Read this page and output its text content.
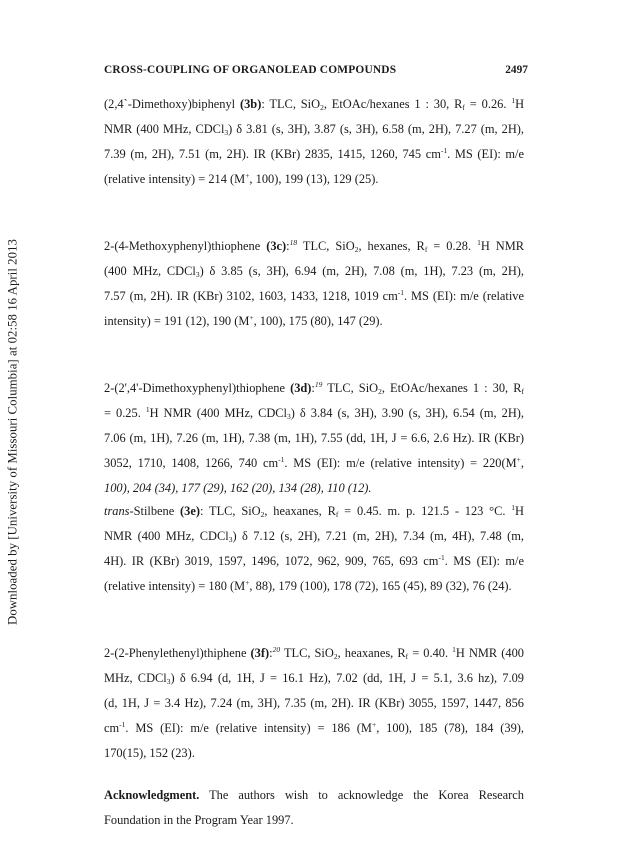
Downloaded by [University of Missouri Columbia] at 02:58 16 April 2013
CROSS-COUPLING OF ORGANOLEAD COMPOUNDS	2497
(2,4`-Dimethoxy)biphenyl (3b): TLC, SiO$_2$, EtOAc/hexanes 1 : 30, $R_f = 0.26$. $^1$H
NMR (400 MHz, CDCl$_3$) δ 3.81 (s, 3H), 3.87 (s, 3H), 6.58 (m, 2H), 7.27 (m, 2H),
7.39 (m, 2H), 7.51 (m, 2H). IR (KBr) 2835, 1415, 1260, 745 $cm^{-1}$. MS (EI): m/e
(relative intensity) = 214 (M+, 100), 199 (13), 129 (25).
2-(4-Methoxyphenyl)thiophene (3c):$^{18}$ TLC, SiO$_2$, hexanes, $R_f = 0.28$. $^1$H NMR
(400 MHz, CDCl$_3$) δ 3.85 (s, 3H), 6.94 (m, 2H), 7.08 (m, 1H), 7.23 (m, 2H),
7.57 (m, 2H). IR (KBr) 3102, 1603, 1433, 1218, 1019 $cm^{-1}$. MS (EI): m/e (relative
intensity) = 191 (12), 190 (M+, 100), 175 (80), 147 (29).
2-(2',4'-Dimethoxyphenyl)thiophene (3d):$^{19}$ TLC, SiO$_2$, EtOAc/hexanes 1 : 30, $R_f$
= 0.25. $^1$H NMR (400 MHz, CDCl$_3$) δ 3.84 (s, 3H), 3.90 (s, 3H), 6.54 (m, 2H),
7.06 (m, 1H), 7.26 (m, 1H), 7.38 (m, 1H), 7.55 (dd, 1H, J = 6.6, 2.6 Hz). IR (KBr)
3052, 1710, 1408, 1266, 740 $cm^{-1}$. MS (EI): m/e (relative intensity) = 220(M+,
100), 204 (34), 177 (29), 162 (20), 134 (28), 110 (12).
trans-Stilbene (3e): TLC, SiO$_2$, heaxanes, $R_f = 0.45$. m. p. 121.5 - 123 °C. $^1$H
NMR (400 MHz, CDCl$_3$) δ 7.12 (s, 2H), 7.21 (m, 2H), 7.34 (m, 4H), 7.48 (m,
4H). IR (KBr) 3019, 1597, 1496, 1072, 962, 909, 765, 693 $cm^{-1}$. MS (EI): m/e
(relative intensity) = 180 (M+, 88), 179 (100), 178 (72), 165 (45), 89 (32), 76 (24).
2-(2-Phenylethenyl)thiphene (3f):$^{20}$ TLC, SiO$_2$, heaxanes, $R_f = 0.40$. $^1$H NMR (400
MHz, CDCl$_3$) δ 6.94 (d, 1H, J = 16.1 Hz), 7.02 (dd, 1H, J = 5.1, 3.6 hz), 7.09
(d, 1H, J = 3.4 Hz), 7.24 (m, 3H), 7.35 (m, 2H). IR (KBr) 3055, 1597, 1447, 856
$cm^{-1}$. MS (EI): m/e (relative intensity) = 186 (M+, 100), 185 (78), 184 (39),
170(15), 152 (23).
Acknowledgment. The authors wish to acknowledge the Korea Research
Foundation in the Program Year 1997.
